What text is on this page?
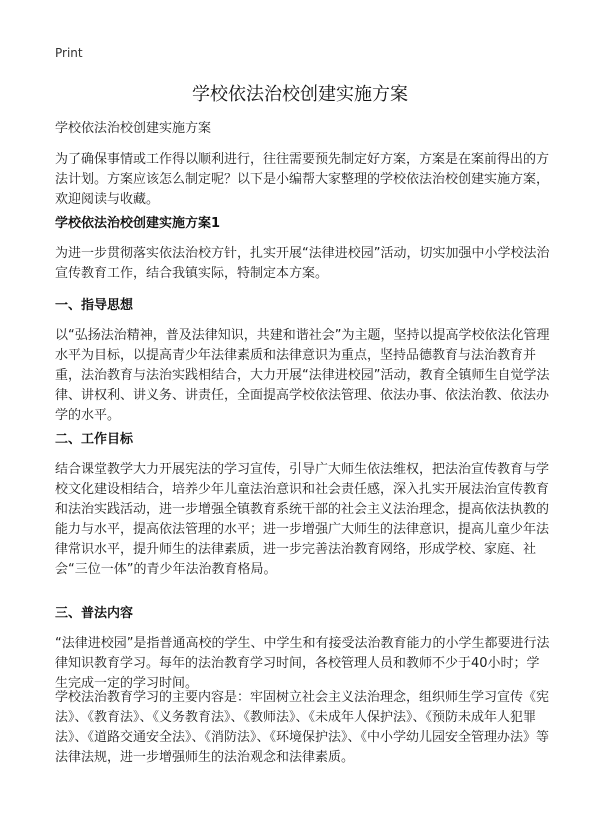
Print
学校依法治校创建实施方案
学校依法治校创建实施方案
为了确保事情或工作得以顺利进行，往往需要预先制定好方案，方案是在案前得出的方法计划。方案应该怎么制定呢？以下是小编帮大家整理的学校依法治校创建实施方案，欢迎阅读与收藏。
学校依法治校创建实施方案1
为进一步贯彻落实依法治校方针，扎实开展“法律进校园”活动，切实加强中小学校法治宣传教育工作，结合我镇实际，特制定本方案。
一、指导思想
以“弘扬法治精神，普及法律知识，共建和谐社会”为主题，坚持以提高学校依法化管理水平为目标，以提高青少年法律素质和法律意识为重点，坚持品德教育与法治教育并重，法治教育与法治实践相结合，大力开展“法律进校园”活动，教育全镇师生自觉学法律、讲权利、讲义务、讲责任，全面提高学校依法管理、依法办事、依法治教、依法办学的水平。
二、工作目标
结合课堂教学大力开展宪法的学习宣传，引导广大师生依法维权，把法治宣传教育与学校文化建设相结合，培养少年儿童法治意识和社会责任感，深入扎实开展法治宣传教育和法治实践活动，进一步增强全镇教育系统干部的社会主义法治理念，提高依法执教的能力与水平，提高依法管理的水平；进一步增强广大师生的法律意识，提高儿童少年法律常识水平，提升师生的法律素质，进一步完善法治教育网络，形成学校、家庭、社会“三位一体”的青少年法治教育格局。
三、普法内容
“法律进校园”是指普通高校的学生、中学生和有接受法治教育能力的小学生都要进行法律知识教育学习。每年的法治教育学习时间，各校管理人员和教师不少于40小时；学生完成一定的学习时间。
学校法治教育学习的主要内容是：牢固树立社会主义法治理念，组织师生学习宣传《宪法》、《教育法》、《义务教育法》、《教师法》、《未成年人保护法》、《预防未成年人犯罪法》、《道路交通安全法》、《消防法》、《环境保护法》、《中小学幼儿园安全管理办法》等法律法规，进一步增强师生的法治观念和法律素质。
